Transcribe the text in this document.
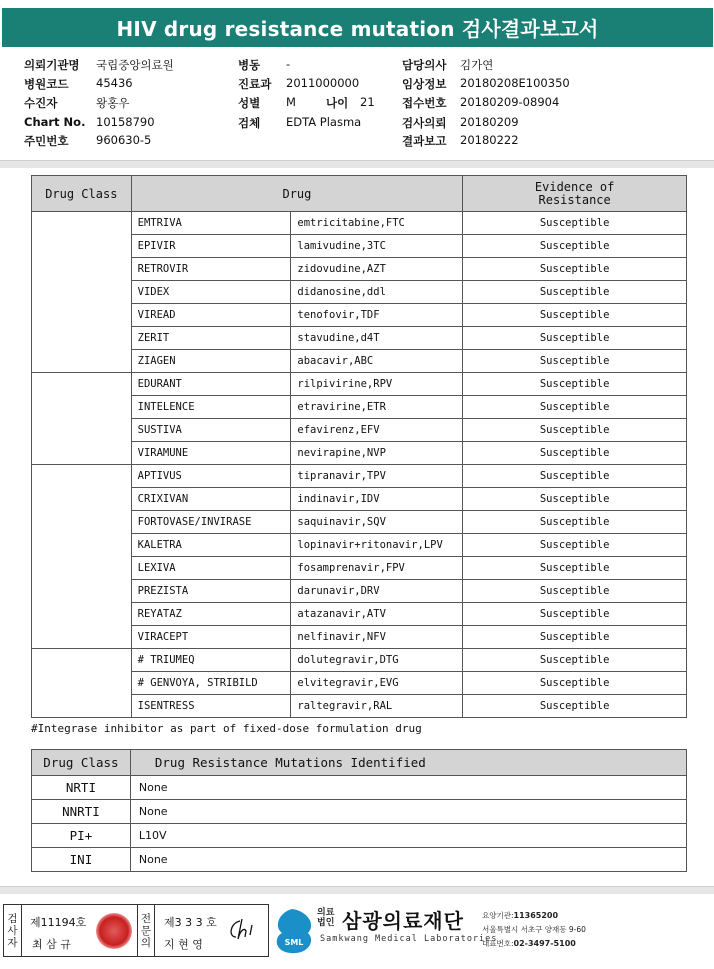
HIV drug resistance mutation 검사결과보고서
의뢰기관명 국립중앙의료원
병원코드 45436
수진자	왕홍우
Chart No. 10158790
주민번호 960630-5
병동 -
진료과 2011000000
성별 M	나이 21
검체 EDTA Plasma
담당의사 김가연
임상정보 20180208E100350
접수번호 20180209-08904
검사의뢰 20180209
결과보고 20180222
Drug Class	Drug		Evidence of Resistance
	EMTRIVA	emtricitabine,FTC	Susceptible
	EPIVIR	lamivudine,3TC	Susceptible
	RETROVIR	zidovudine,AZT	Susceptible
	VIDEX	didanosine,ddl	Susceptible
	VIREAD	tenofovir,TDF	Susceptible
	ZERIT	stavudine,d4T	Susceptible
	ZIAGEN	abacavir,ABC	Susceptible
	EDURANT	rilpivirine,RPV	Susceptible
	INTELENCE	etravirine,ETR	Susceptible
	SUSTIVA	efavirenz,EFV	Susceptible
	VIRAMUNE	nevirapine,NVP	Susceptible
	APTIVUS	tipranavir,TPV	Susceptible
	CRIXIVAN	indinavir,IDV	Susceptible
	FORTOVASE/INVIRASE	saquinavir,SQV	Susceptible
	KALETRA	lopinavir+ritonavir,LPV	Susceptible
	LEXIVA	fosamprenavir,FPV	Susceptible
	PREZISTA	darunavir,DRV	Susceptible
	REYATAZ	atazanavir,ATV	Susceptible
	VIRACEPT	nelfinavir,NFV	Susceptible
	# TRIUMEQ	dolutegravir,DTG	Susceptible
	# GENVOYA, STRIBILD	elvitegravir,EVG	Susceptible
	ISENTRESS	raltegravir,RAL	Susceptible
#Integrase inhibitor as part of fixed-dose formulation drug
Drug Class	Drug Resistance Mutations Identified
NRTI	None
NNRTI	None
PI+	L10V
INI	None
검
사
자
제11194호
최 삼 규
전
문
의
제3 3 3 호
지 현 영	SML
의료
법인 삼광의료재단
Samkwang Medical Laboratories
요양기관:11365200
서울특별시 서초구 양재동 9-60
대표번호:02-3497-5100
